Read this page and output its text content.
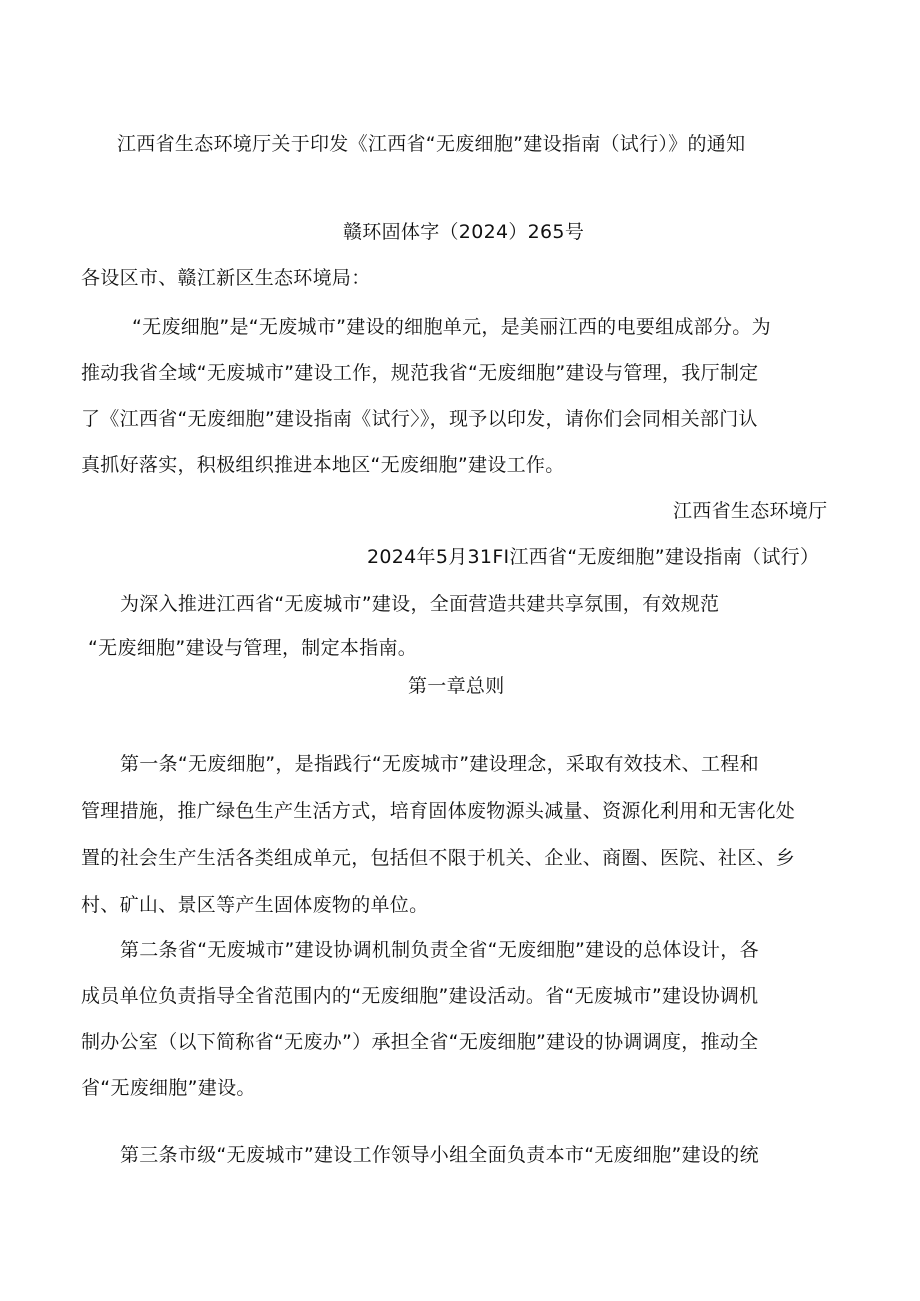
江西省生态环境厅关于印发《江西省“无废细胞”建设指南（试行）》的通知
赣环固体字（2024）265号
各设区市、赣江新区生态环境局：
“无废细胞”是“无废城市”建设的细胞单元，是美丽江西的电要组成部分。为
推动我省全域“无废城市”建设工作，规范我省“无废细胞”建设与管理，我厅制定
了《江西省“无废细胞”建设指南《试行〉》，现予以印发，请你们会同相关部门认
真抓好落实，积极组织推进本地区“无废细胞”建设工作。
江西省生态环境厅
2024年5月31FI江西省“无废细胞”建设指南（试行）
为深入推进江西省“无废城市”建设，全面营造共建共享氛围，有效规范
“无废细胞”建设与管理，制定本指南。
第一章总则
第一条“无废细胞”，是指践行“无废城市”建设理念，采取有效技术、工程和
管理措施，推广绿色生产生活方式，培育固体废物源头减量、资源化利用和无害化处
置的社会生产生活各类组成单元，包括但不限于机关、企业、商圈、医院、社区、乡
村、矿山、景区等产生固体废物的单位。
第二条省“无废城市”建设协调机制负责全省“无废细胞”建设的总体设计，各
成员单位负责指导全省范围内的“无废细胞”建设活动。省“无废城市”建设协调机
制办公室（以下简称省“无废办”）承担全省“无废细胞”建设的协调调度，推动全
省“无废细胞”建设。
第三条市级“无废城市”建设工作领导小组全面负责本市“无废细胞”建设的统
